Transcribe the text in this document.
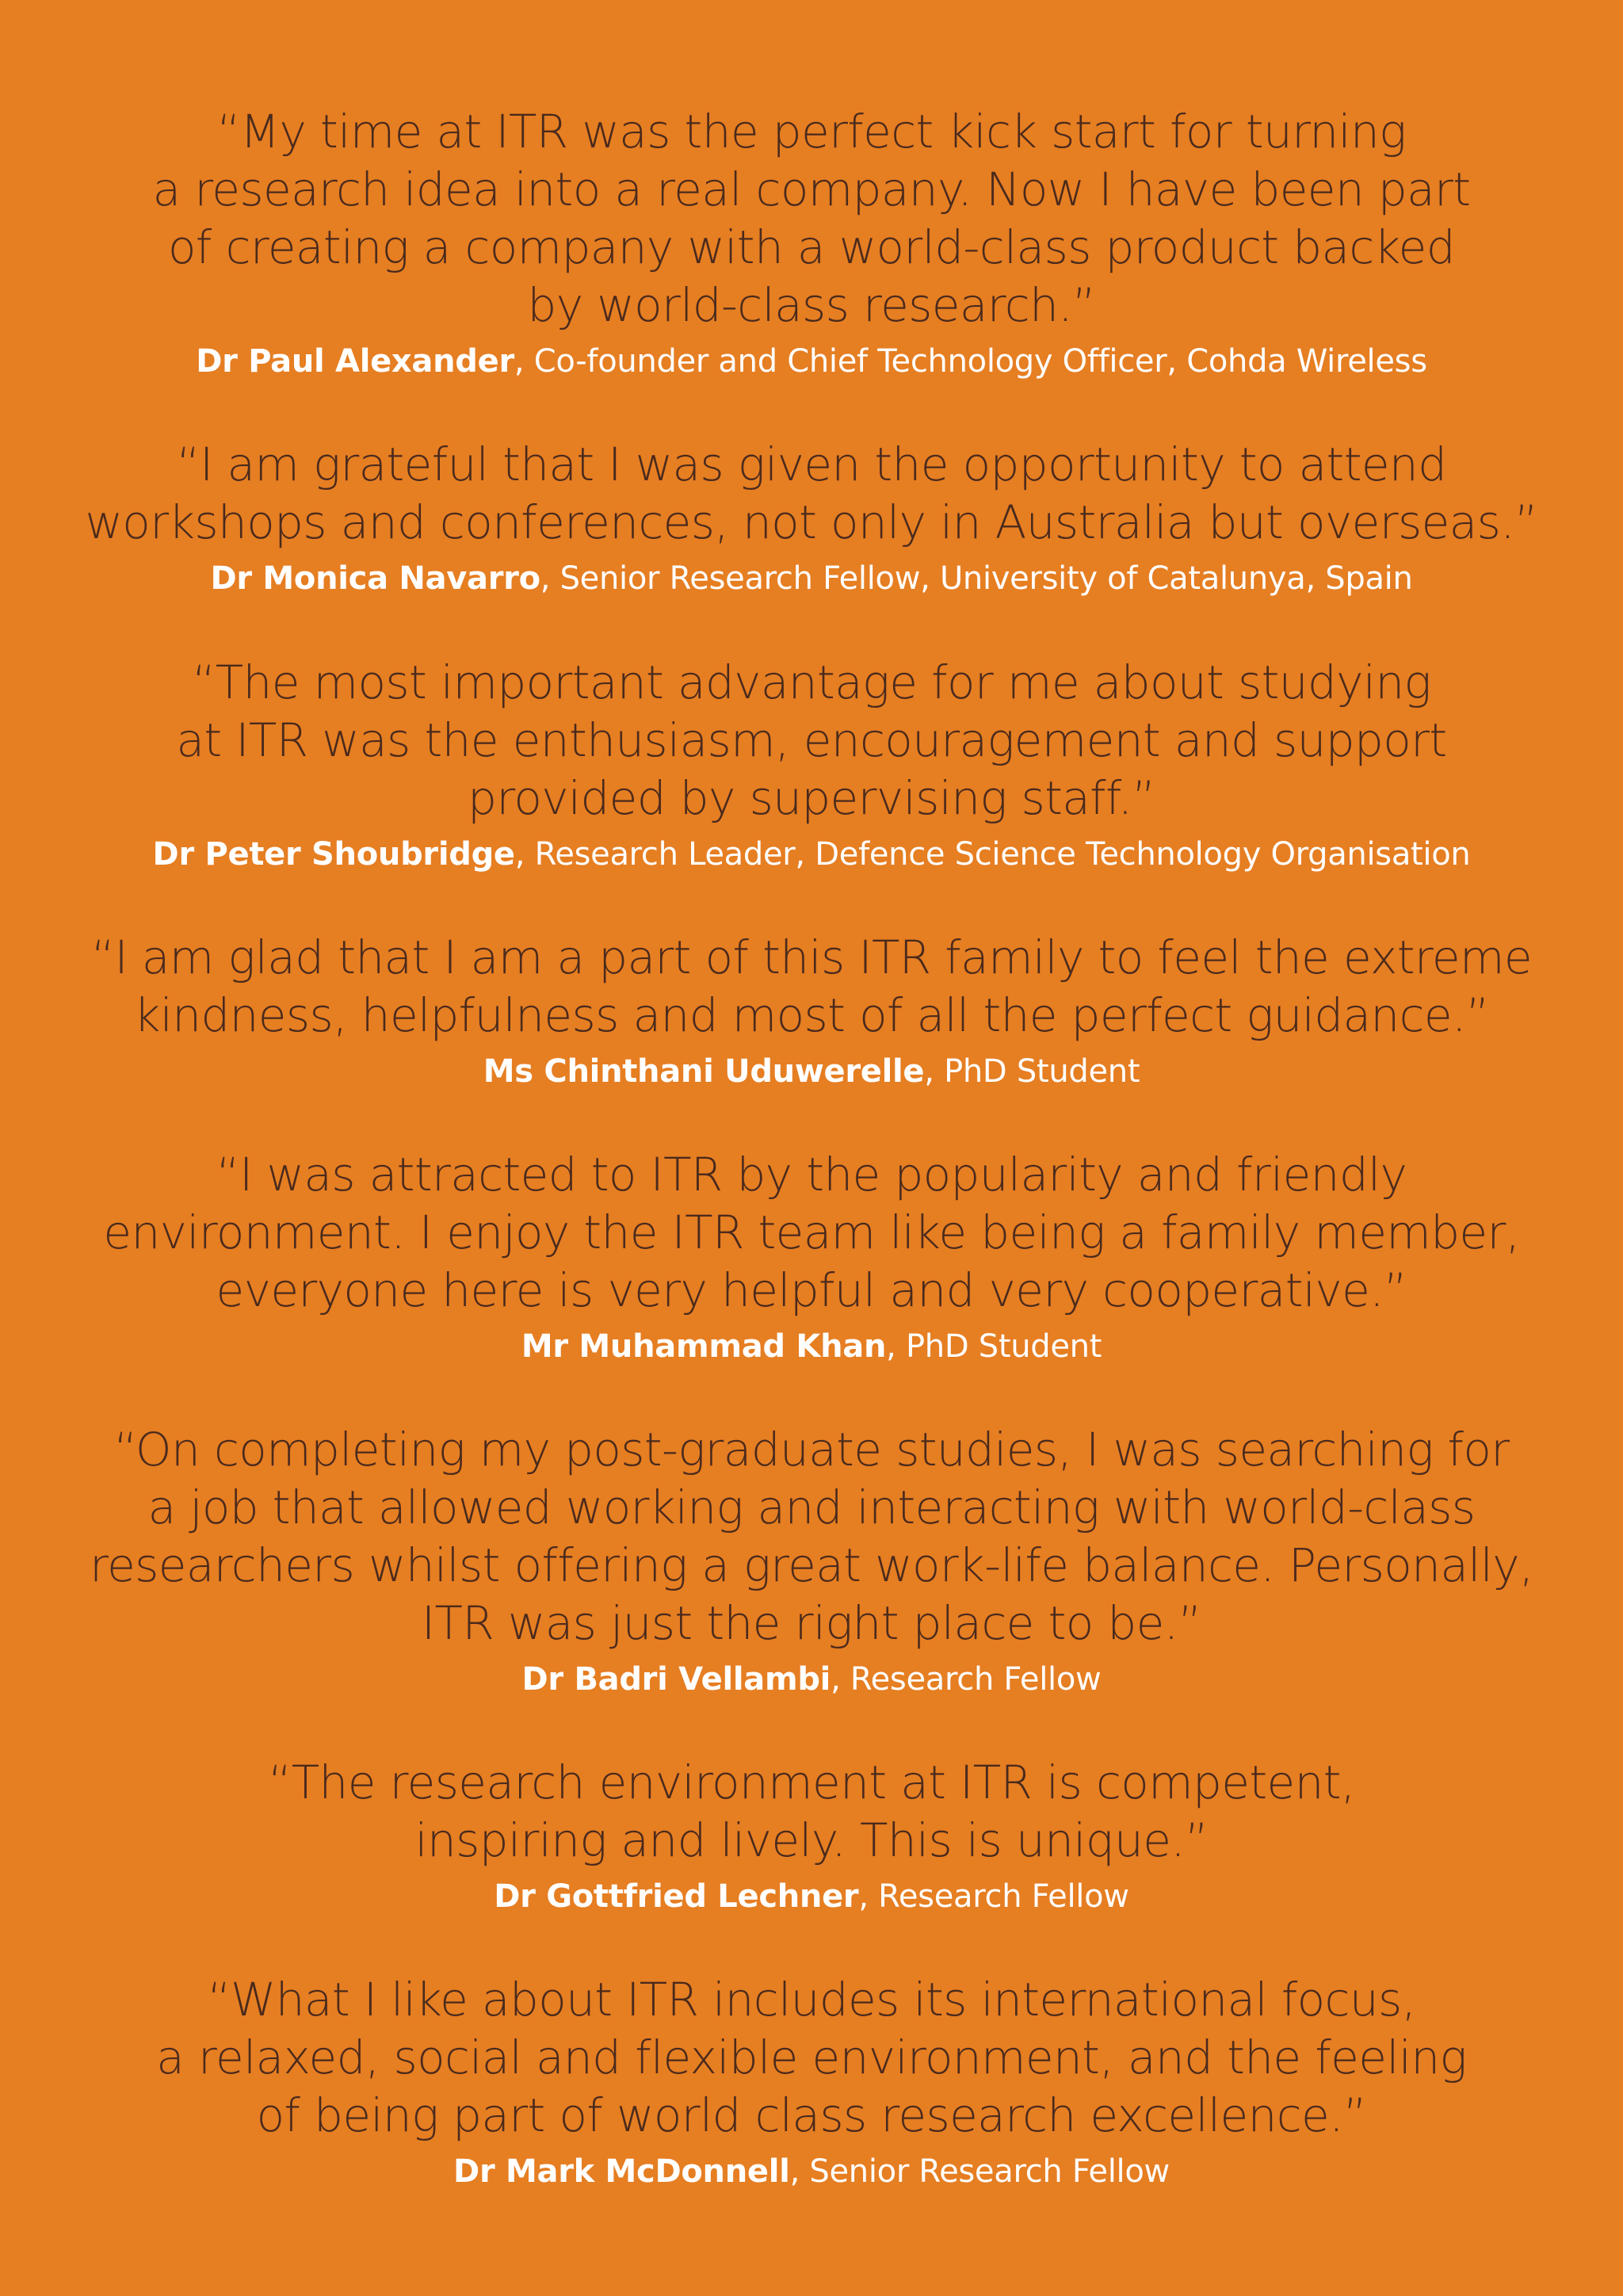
“My time at ITR was the perfect kick start for turning
a research idea into a real company. Now I have been part
of creating a company with a world-class product backed
by world-class research.”
Dr Paul Alexander, Co-founder and Chief Technology Officer, Cohda Wireless
“I am grateful that I was given the opportunity to attend
workshops and conferences, not only in Australia but overseas.”
Dr Monica Navarro, Senior Research Fellow, University of Catalunya, Spain
“The most important advantage for me about studying
at ITR was the enthusiasm, encouragement and support
provided by supervising staff.”
Dr Peter Shoubridge, Research Leader, Defence Science Technology Organisation
“I am glad that I am a part of this ITR family to feel the extreme
kindness, helpfulness and most of all the perfect guidance.”
Ms Chinthani Uduwerelle, PhD Student
“I was attracted to ITR by the popularity and friendly
environment. I enjoy the ITR team like being a family member,
everyone here is very helpful and very cooperative.”
Mr Muhammad Khan, PhD Student
“On completing my post-graduate studies, I was searching for
a job that allowed working and interacting with world-class
researchers whilst offering a great work-life balance. Personally,
ITR was just the right place to be.”
Dr Badri Vellambi, Research Fellow
“The research environment at ITR is competent,
inspiring and lively. This is unique.”
Dr Gottfried Lechner, Research Fellow
“What I like about ITR includes its international focus,
a relaxed, social and flexible environment, and the feeling
of being part of world class research excellence.”
Dr Mark McDonnell, Senior Research Fellow
